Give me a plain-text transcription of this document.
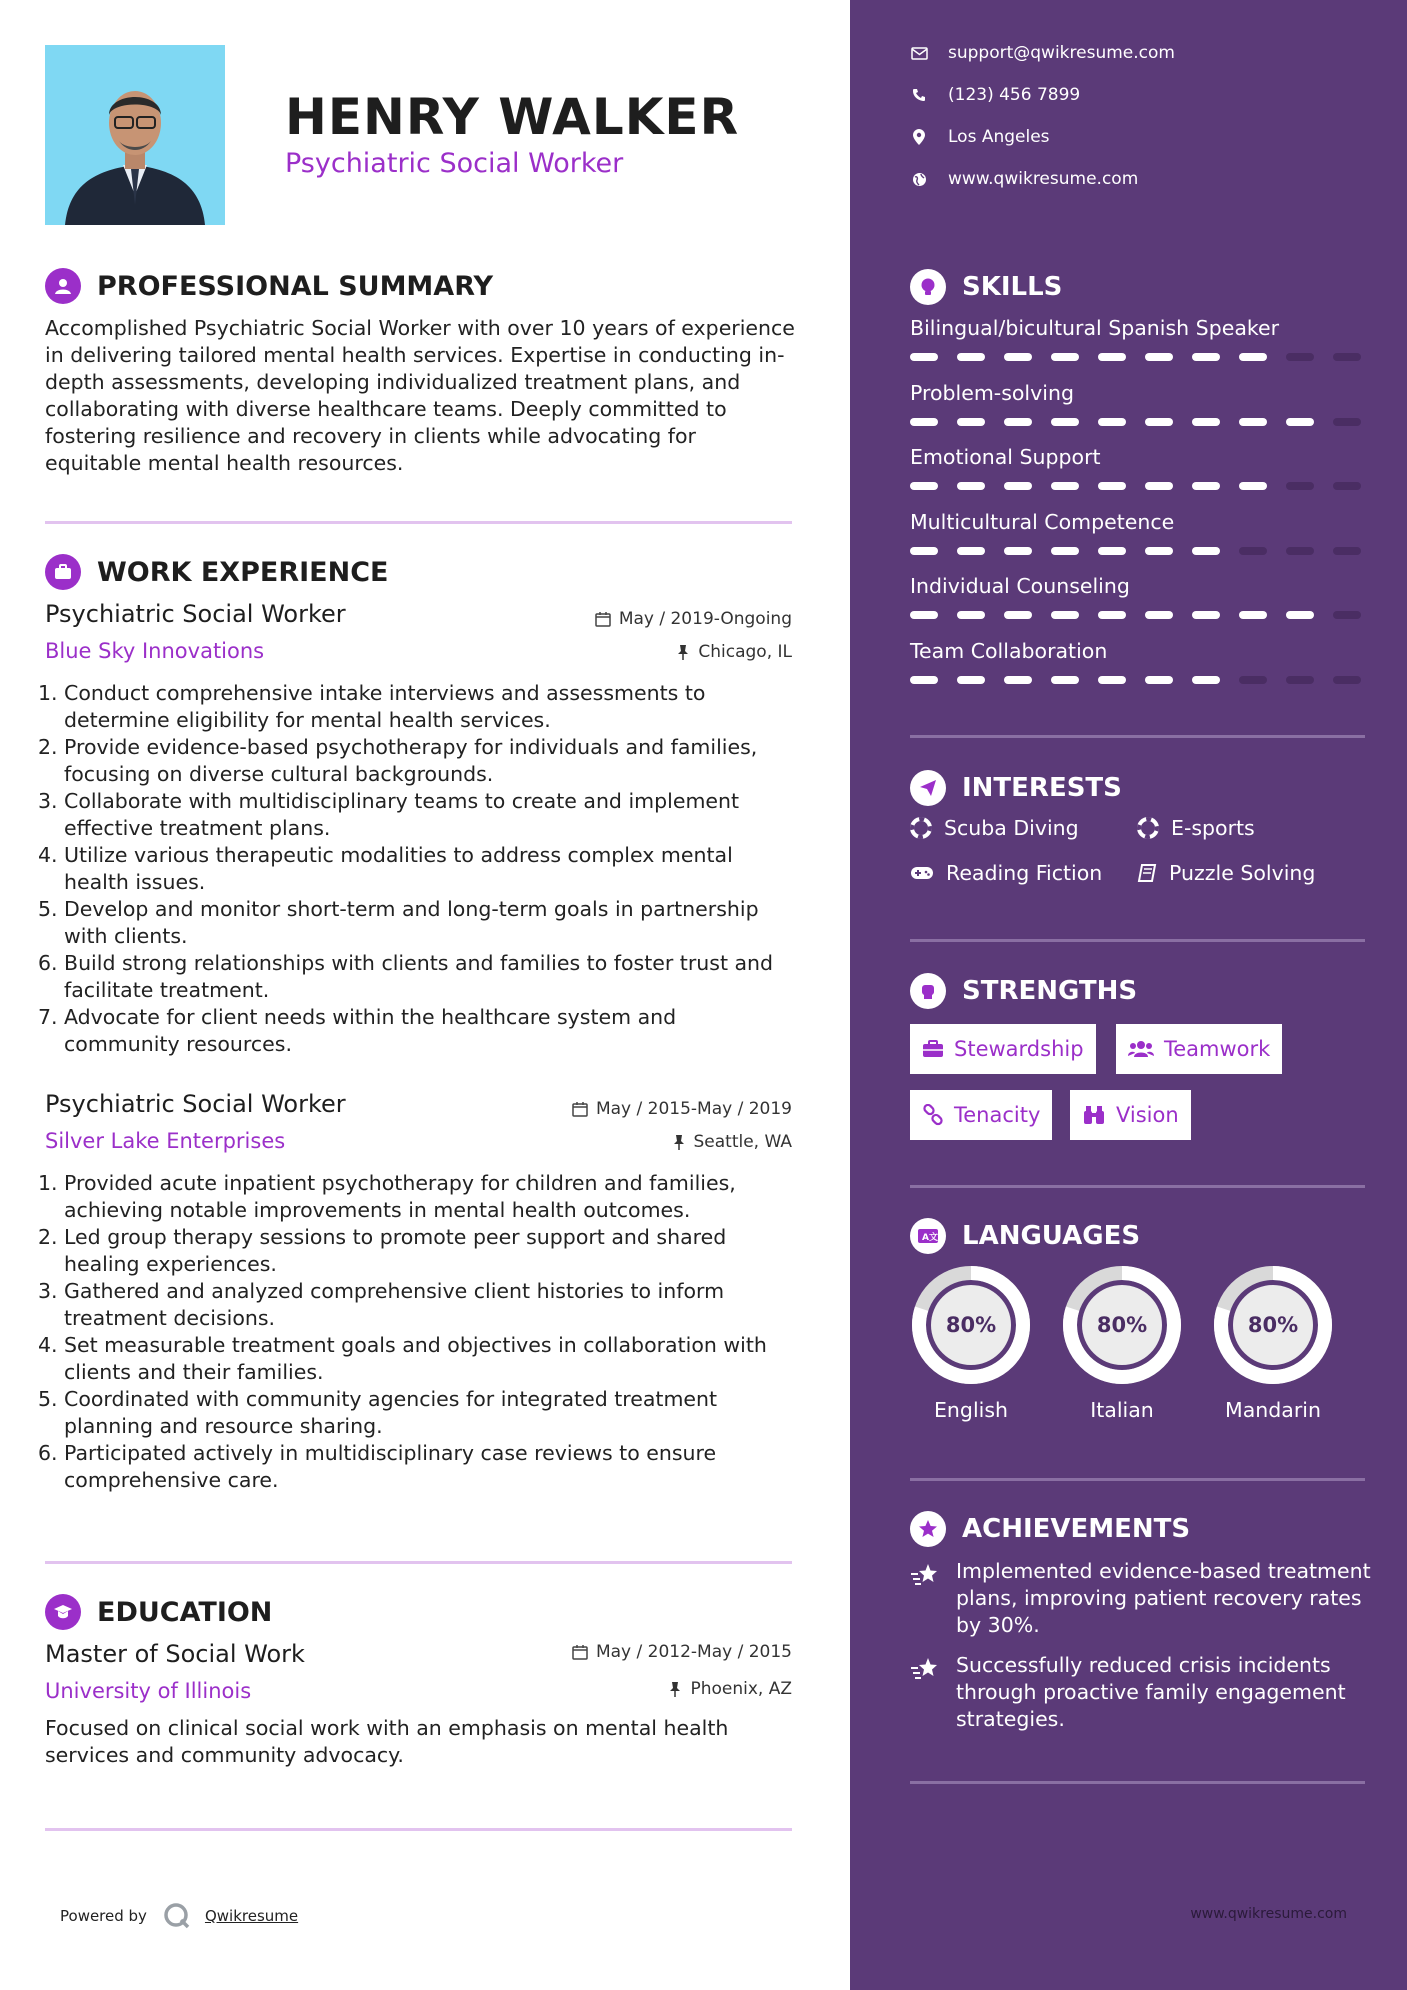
HENRY WALKER
Psychiatric Social Worker
PROFESSIONAL SUMMARY
Accomplished Psychiatric Social Worker with over 10 years of experience in delivering tailored mental health services. Expertise in conducting in-depth assessments, developing individualized treatment plans, and collaborating with diverse healthcare teams. Deeply committed to fostering resilience and recovery in clients while advocating for equitable mental health resources.
WORK EXPERIENCE
Psychiatric Social Worker	May / 2019-Ongoing
Blue Sky Innovations	Chicago, IL
1. Conduct comprehensive intake interviews and assessments to determine eligibility for mental health services.
2. Provide evidence-based psychotherapy for individuals and families, focusing on diverse cultural backgrounds.
3. Collaborate with multidisciplinary teams to create and implement effective treatment plans.
4. Utilize various therapeutic modalities to address complex mental health issues.
5. Develop and monitor short-term and long-term goals in partnership with clients.
6. Build strong relationships with clients and families to foster trust and facilitate treatment.
7. Advocate for client needs within the healthcare system and community resources.
Psychiatric Social Worker	May / 2015-May / 2019
Silver Lake Enterprises	Seattle, WA
1. Provided acute inpatient psychotherapy for children and families, achieving notable improvements in mental health outcomes.
2. Led group therapy sessions to promote peer support and shared healing experiences.
3. Gathered and analyzed comprehensive client histories to inform treatment decisions.
4. Set measurable treatment goals and objectives in collaboration with clients and their families.
5. Coordinated with community agencies for integrated treatment planning and resource sharing.
6. Participated actively in multidisciplinary case reviews to ensure comprehensive care.
EDUCATION
Master of Social Work	May / 2012-May / 2015
University of Illinois	Phoenix, AZ
Focused on clinical social work with an emphasis on mental health services and community advocacy.
Powered by	Qwikresume
support@qwikresume.com
(123) 456 7899
Los Angeles
www.qwikresume.com
SKILLS
INTERESTS
Scuba Diving	E-sports
Reading Fiction	Puzzle Solving
STRENGTHS
Stewardship	Teamwork
Tenacity	Vision
A 文 LANGUAGES
ACHIEVEMENTS
Implemented evidence-based treatment plans, improving patient recovery rates by 30%.
Successfully reduced crisis incidents through proactive family engagement strategies.
www.qwikresume.com
Bilingual/bicultural Spanish Speaker
Problem-solving
Emotional Support
Multicultural Competence
Individual Counseling
Team Collaboration
80%
English
80%
Italian
80%
Mandarin
